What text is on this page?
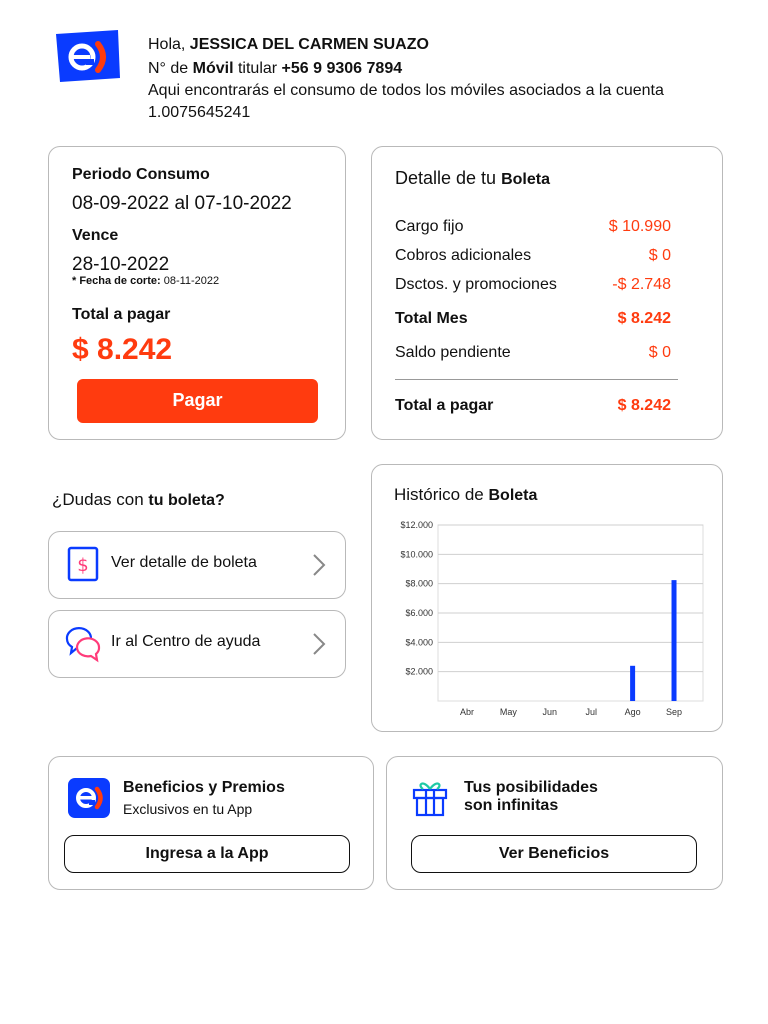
Hola, JESSICA DEL CARMEN SUAZO
N° de Móvil titular +56 9 9306 7894
Aqui encontrarás el consumo de todos los móviles asociados a la cuenta 1.0075645241
Periodo Consumo
08-09-2022 al 07-10-2022
Vence
28-10-2022
* Fecha de corte: 08-11-2022
Total a pagar
$ 8.242
Pagar
Detalle de tu Boleta
Cargo fijo	$ 10.990
Cobros adicionales	$ 0
Dsctos. y promociones	-$ 2.748
Total Mes	$ 8.242
Saldo pendiente	$ 0
Total a pagar	$ 8.242
¿Dudas con tu boleta?
$ Ver detalle de boleta
Ir al Centro de ayuda
Histórico de Boleta
$12.000
$10.000
$8.000
$6.000
$4.000
$2.000
Abr	May	Jun	Jul	Ago	Sep
Beneficios y Premios
Exclusivos en tu App
Ingresa a la App
Tus posibilidades
son infinitas
Ver Beneficios
